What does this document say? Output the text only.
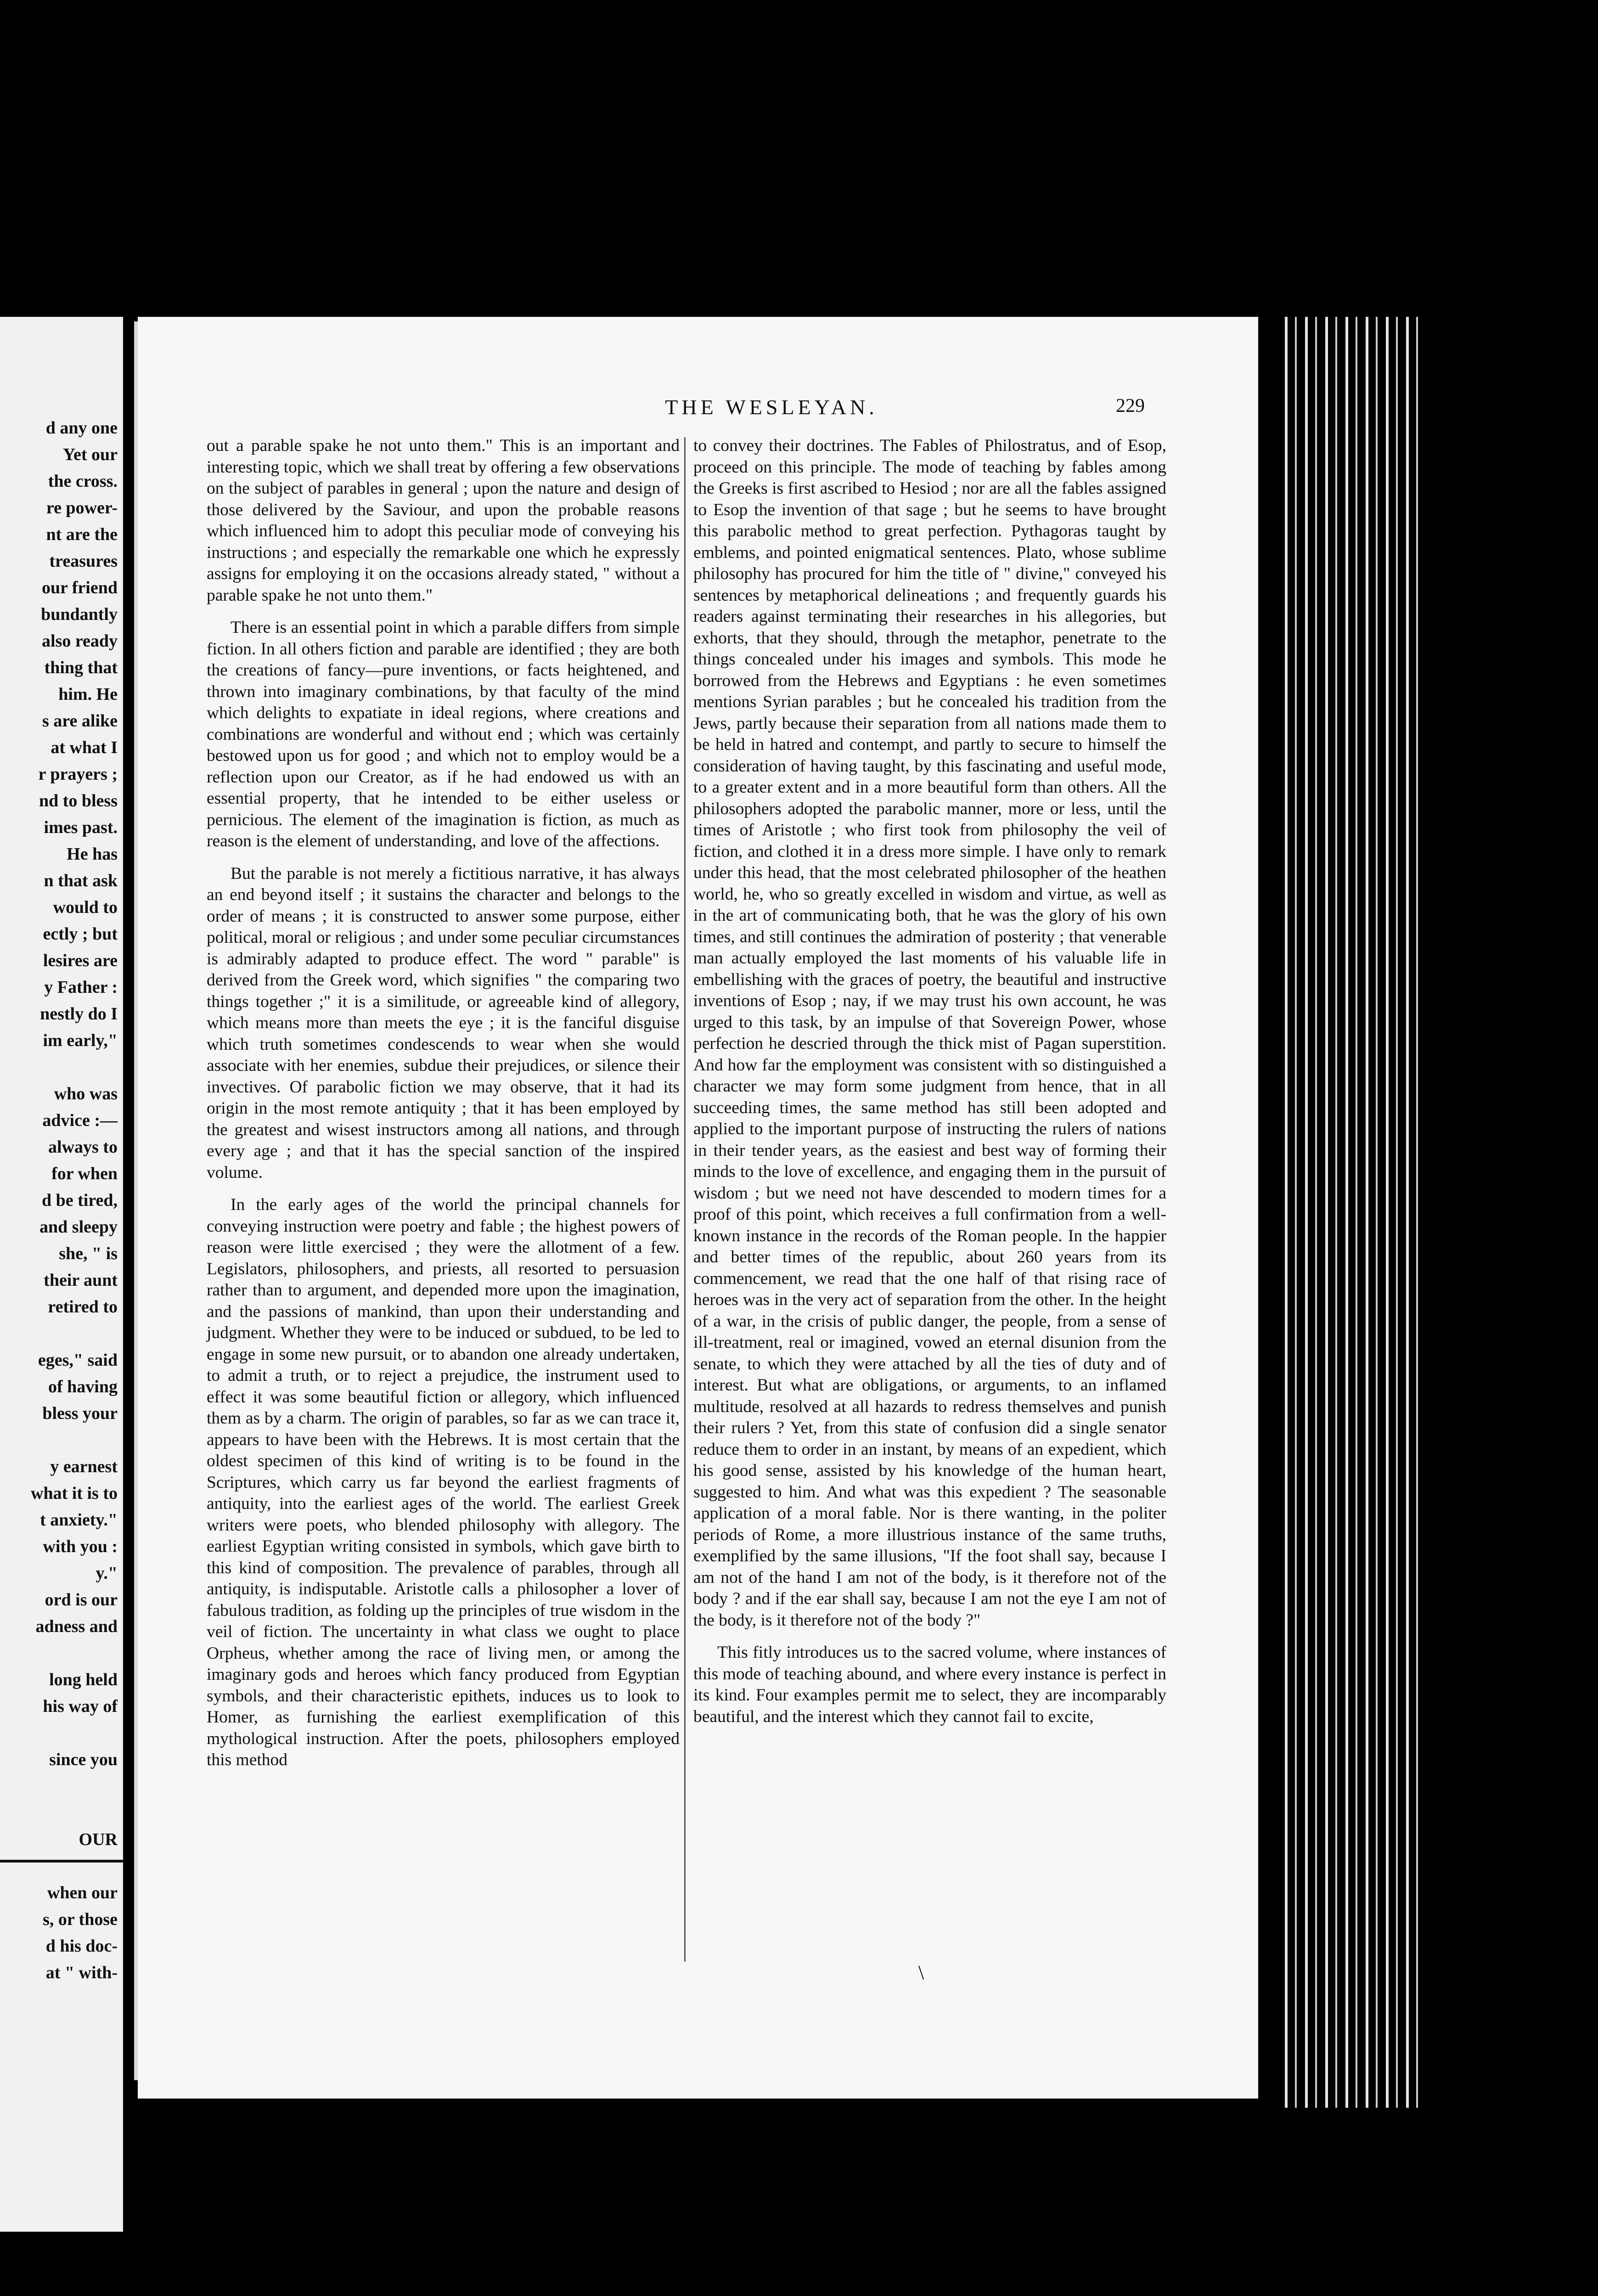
d any one
Yet our
the cross.
re power-
nt are the
treasures
our friend
bundantly
also ready
thing that
him. He
s are alike
at what I
r prayers ;
nd to bless
imes past.
He has
n that ask
would to
ectly ; but
lesires are
y Father :
nestly do I
im early,"
who was
advice :—
always to
for when
d be tired,
and sleepy
she, " is
their aunt
retired to
eges," said
of having
bless your
y earnest
what it is to
t anxiety."
with you :
y."
ord is our
adness and
long held
his way of
since you
OUR
when our
s, or those
d his doc-
at " with-
THE WESLEYAN.	229

out a parable spake he not unto them." This is an important and interesting topic, which we shall treat by offering a few observations on the subject of parables in general ; upon the nature and design of those delivered by the Saviour, and upon the probable reasons which influenced him to adopt this peculiar mode of conveying his instructions ; and especially the remarkable one which he expressly assigns for employing it on the occasions already stated, " without a parable spake he not unto them."

There is an essential point in which a parable differs from simple fiction. In all others fiction and parable are identified ; they are both the creations of fancy—pure inventions, or facts heightened, and thrown into imaginary combinations, by that faculty of the mind which delights to expatiate in ideal regions, where creations and combinations are wonderful and without end ; which was certainly bestowed upon us for good ; and which not to employ would be a reflection upon our Creator, as if he had endowed us with an essential property, that he intended to be either useless or pernicious. The element of the imagination is fiction, as much as reason is the element of understanding, and love of the affections.

But the parable is not merely a fictitious narrative, it has always an end beyond itself ; it sustains the character and belongs to the order of means ; it is constructed to answer some purpose, either political, moral or religious ; and under some peculiar circumstances is admirably adapted to produce effect. The word " parable" is derived from the Greek word, which signifies " the comparing two things together ;" it is a similitude, or agreeable kind of allegory, which means more than meets the eye ; it is the fanciful disguise which truth sometimes condescends to wear when she would associate with her enemies, subdue their prejudices, or silence their invectives. Of parabolic fiction we may observe, that it had its origin in the most remote antiquity ; that it has been employed by the greatest and wisest instructors among all nations, and through every age ; and that it has the special sanction of the inspired volume.

In the early ages of the world the principal channels for conveying instruction were poetry and fable ; the highest powers of reason were little exercised ; they were the allotment of a few. Legislators, philosophers, and priests, all resorted to persuasion rather than to argument, and depended more upon the imagination, and the passions of mankind, than upon their understanding and judgment. Whether they were to be induced or subdued, to be led to engage in some new pursuit, or to abandon one already undertaken, to admit a truth, or to reject a prejudice, the instrument used to effect it was some beautiful fiction or allegory, which influenced them as by a charm. The origin of parables, so far as we can trace it, appears to have been with the Hebrews. It is most certain that the oldest specimen of this kind of writing is to be found in the Scriptures, which carry us far beyond the earliest fragments of antiquity, into the earliest ages of the world. The earliest Greek writers were poets, who blended philosophy with allegory. The earliest Egyptian writing consisted in symbols, which gave birth to this kind of composition. The prevalence of parables, through all antiquity, is indisputable. Aristotle calls a philosopher a lover of fabulous tradition, as folding up the principles of true wisdom in the veil of fiction. The uncertainty in what class we ought to place Orpheus, whether among the race of living men, or among the imaginary gods and heroes which fancy produced from Egyptian symbols, and their characteristic epithets, induces us to look to Homer, as furnishing the earliest exemplification of this mythological instruction. After the poets, philosophers employed this method

to convey their doctrines. The Fables of Philostratus, and of Esop, proceed on this principle. The mode of teaching by fables among the Greeks is first ascribed to Hesiod ; nor are all the fables assigned to Esop the invention of that sage ; but he seems to have brought this parabolic method to great perfection. Pythagoras taught by emblems, and pointed enigmatical sentences. Plato, whose sublime philosophy has procured for him the title of " divine," conveyed his sentences by metaphorical delineations ; and frequently guards his readers against terminating their researches in his allegories, but exhorts, that they should, through the metaphor, penetrate to the things concealed under his images and symbols. This mode he borrowed from the Hebrews and Egyptians : he even sometimes mentions Syrian parables ; but he concealed his tradition from the Jews, partly because their separation from all nations made them to be held in hatred and contempt, and partly to secure to himself the consideration of having taught, by this fascinating and useful mode, to a greater extent and in a more beautiful form than others. All the philosophers adopted the parabolic manner, more or less, until the times of Aristotle ; who first took from philosophy the veil of fiction, and clothed it in a dress more simple. I have only to remark under this head, that the most celebrated philosopher of the heathen world, he, who so greatly excelled in wisdom and virtue, as well as in the art of communicating both, that he was the glory of his own times, and still continues the admiration of posterity ; that venerable man actually employed the last moments of his valuable life in embellishing with the graces of poetry, the beautiful and instructive inventions of Esop ; nay, if we may trust his own account, he was urged to this task, by an impulse of that Sovereign Power, whose perfection he descried through the thick mist of Pagan superstition. And how far the employment was consistent with so distinguished a character we may form some judgment from hence, that in all succeeding times, the same method has still been adopted and applied to the important purpose of instructing the rulers of nations in their tender years, as the easiest and best way of forming their minds to the love of excellence, and engaging them in the pursuit of wisdom ; but we need not have descended to modern times for a proof of this point, which receives a full confirmation from a well-known instance in the records of the Roman people. In the happier and better times of the republic, about 260 years from its commencement, we read that the one half of that rising race of heroes was in the very act of separation from the other. In the height of a war, in the crisis of public danger, the people, from a sense of ill-treatment, real or imagined, vowed an eternal disunion from the senate, to which they were attached by all the ties of duty and of interest. But what are obligations, or arguments, to an inflamed multitude, resolved at all hazards to redress themselves and punish their rulers ? Yet, from this state of confusion did a single senator reduce them to order in an instant, by means of an expedient, which his good sense, assisted by his knowledge of the human heart, suggested to him. And what was this expedient ? The seasonable application of a moral fable. Nor is there wanting, in the politer periods of Rome, a more illustrious instance of the same truths, exemplified by the same illusions, "If the foot shall say, because I am not of the hand I am not of the body, is it therefore not of the body ? and if the ear shall say, because I am not the eye I am not of the body, is it therefore not of the body ?"

This fitly introduces us to the sacred volume, where instances of this mode of teaching abound, and where every instance is perfect in its kind. Four examples permit me to select, they are incomparably beautiful, and the interest which they cannot fail to excite,

\
